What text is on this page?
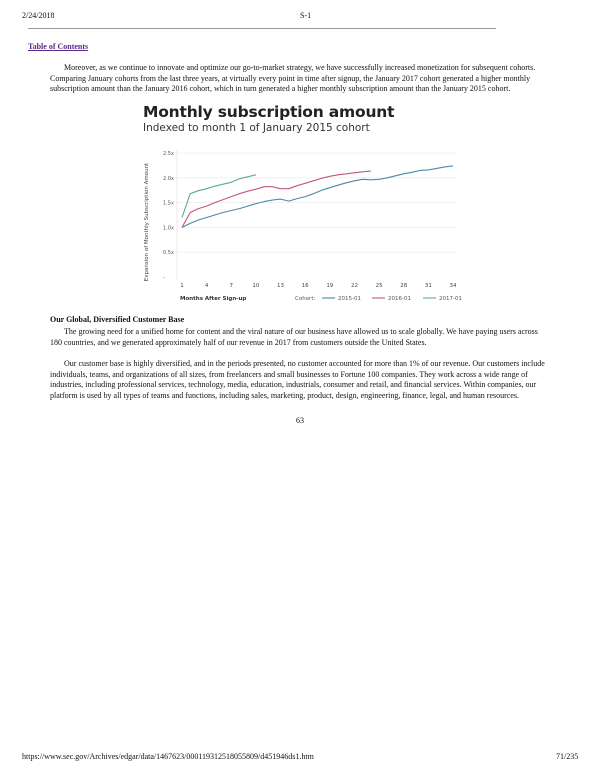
2/24/2018	S-1
Table of Contents
Moreover, as we continue to innovate and optimize our go-to-market strategy, we have successfully increased monetization for subsequent cohorts. Comparing January cohorts from the last three years, at virtually every point in time after signup, the January 2017 cohort generated a higher monthly subscription amount than the January 2016 cohort, which in turn generated a higher monthly subscription amount than the January 2015 cohort.
Monthly subscription amount
Indexed to month 1 of January 2015 cohort
-
0.5x
1.0x
1.5x
2.0x
2.5x
1	4	7	10	13	16	19	22	25	28	31	34
Expansion of Monthly Subscription Amount
Months After Sign-up	Cohort:	2015-01	2016-01	2017-01
Our Global, Diversified Customer Base
The growing need for a unified home for content and the viral nature of our business have allowed us to scale globally. We have paying users across 180 countries, and we generated approximately half of our revenue in 2017 from customers outside the United States.
Our customer base is highly diversified, and in the periods presented, no customer accounted for more than 1% of our revenue. Our customers include individuals, teams, and organizations of all sizes, from freelancers and small businesses to Fortune 100 companies. They work across a wide range of industries, including professional services, technology, media, education, industrials, consumer and retail, and financial services. Within companies, our platform is used by all types of teams and functions, including sales, marketing, product, design, engineering, finance, legal, and human resources.
63
https://www.sec.gov/Archives/edgar/data/1467623/000119312518055809/d451946ds1.htm	71/235
